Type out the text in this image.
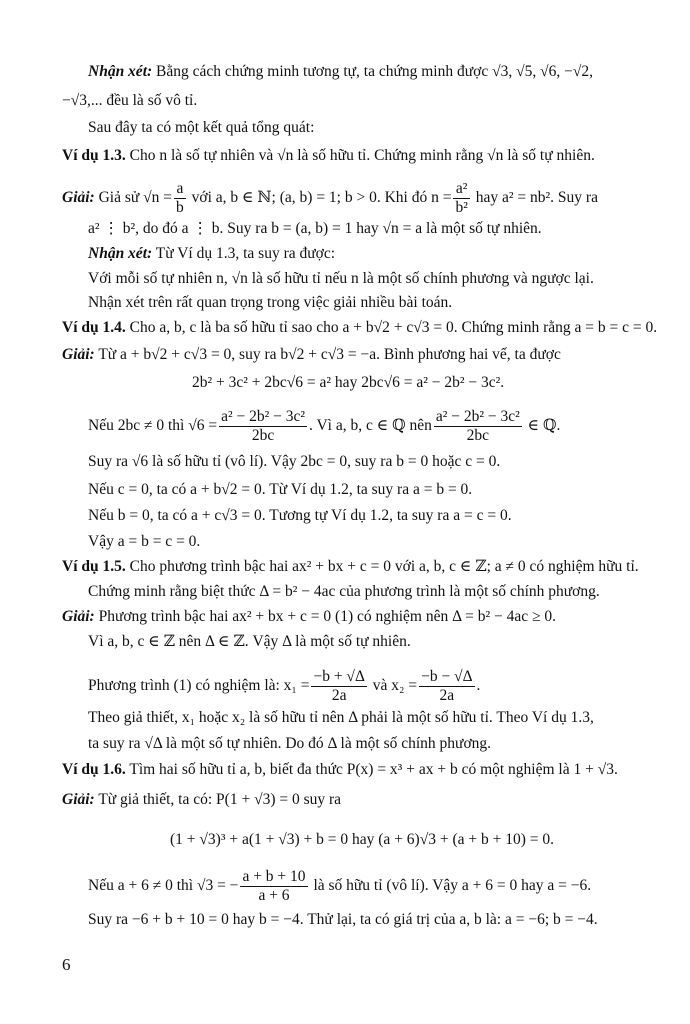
Nhận xét: Bằng cách chứng minh tương tự, ta chứng minh được √3, √5, √6, −√2,
−√3,... đều là số vô tỉ.
Sau đây ta có một kết quả tổng quát:
Ví dụ 1.3. Cho n là số tự nhiên và √n là số hữu tỉ. Chứng minh rằng √n là số tự nhiên.
Giải: Giả sử $√n = \frac{a}{b}$ với a, b ∈ ℕ; (a, b) = 1; b > 0. Khi đó $n = \frac{\text{a²}}{\text{b²}}$ hay a² = nb². Suy ra
a² ⋮ b², do đó a ⋮ b. Suy ra b = (a, b) = 1 hay √n = a là một số tự nhiên.
Nhận xét: Từ Ví dụ 1.3, ta suy ra được:
Với mỗi số tự nhiên n, √n là số hữu tỉ nếu n là một số chính phương và ngược lại.
Nhận xét trên rất quan trọng trong việc giải nhiều bài toán.
Ví dụ 1.4. Cho a, b, c là ba số hữu tỉ sao cho a + b√2 + c√3 = 0. Chứng minh rằng a = b = c = 0.
Giải: Từ a + b√2 + c√3 = 0, suy ra b√2 + c√3 = −a. Bình phương hai vế, ta được
2b² + 3c² + 2bc√6 = a² hay 2bc√6 = a² − 2b² − 3c².
Nếu 2bc ≠ 0 thì $√6 = \frac{\text{a² − 2b² − 3c²}}{2bc}$ . Vì a, b, c ∈ ℚ nên $\frac{\text{a² − 2b² − 3c²}}{2bc}$ ∈ ℚ.
Suy ra √6 là số hữu tỉ (vô lí). Vậy 2bc = 0, suy ra b = 0 hoặc c = 0.
Nếu c = 0, ta có a + b√2 = 0. Từ Ví dụ 1.2, ta suy ra a = b = 0.
Nếu b = 0, ta có a + c√3 = 0. Tương tự Ví dụ 1.2, ta suy ra a = c = 0.
Vậy a = b = c = 0.
Ví dụ 1.5. Cho phương trình bậc hai ax² + bx + c = 0 với a, b, c ∈ ℤ; a ≠ 0 có nghiệm hữu tỉ.
Chứng minh rằng biệt thức Δ = b² − 4ac của phương trình là một số chính phương.
Giải: Phương trình bậc hai ax² + bx + c = 0 (1) có nghiệm nên Δ = b² − 4ac ≥ 0.
Vì a, b, c ∈ ℤ nên Δ ∈ ℤ. Vậy Δ là một số tự nhiên.
Phương trình (1) có nghiệm là: $x_1 = \frac{-b + √\Delta}{2a}$ và $x_2 = \frac{-b - √\Delta}{2a}$ .
Theo giả thiết, x₁ hoặc x₂ là số hữu tỉ nên Δ phải là một số hữu tỉ. Theo Ví dụ 1.3,
ta suy ra √Δ là một số tự nhiên. Do đó Δ là một số chính phương.
Ví dụ 1.6. Tìm hai số hữu tỉ a, b, biết đa thức P(x) = x³ + ax + b có một nghiệm là 1 + √3.
Giải: Từ giả thiết, ta có: P(1 + √3) = 0 suy ra
(1 + √3)³ + a(1 + √3) + b = 0 hay (a + 6)√3 + (a + b + 10) = 0.
Nếu a + 6 ≠ 0 thì √3 = − $\frac{a + b + 10}{a + 6}$ là số hữu tỉ (vô lí). Vậy a + 6 = 0 hay a = −6.
Suy ra −6 + b + 10 = 0 hay b = −4. Thử lại, ta có giá trị của a, b là: a = −6; b = −4.
6
